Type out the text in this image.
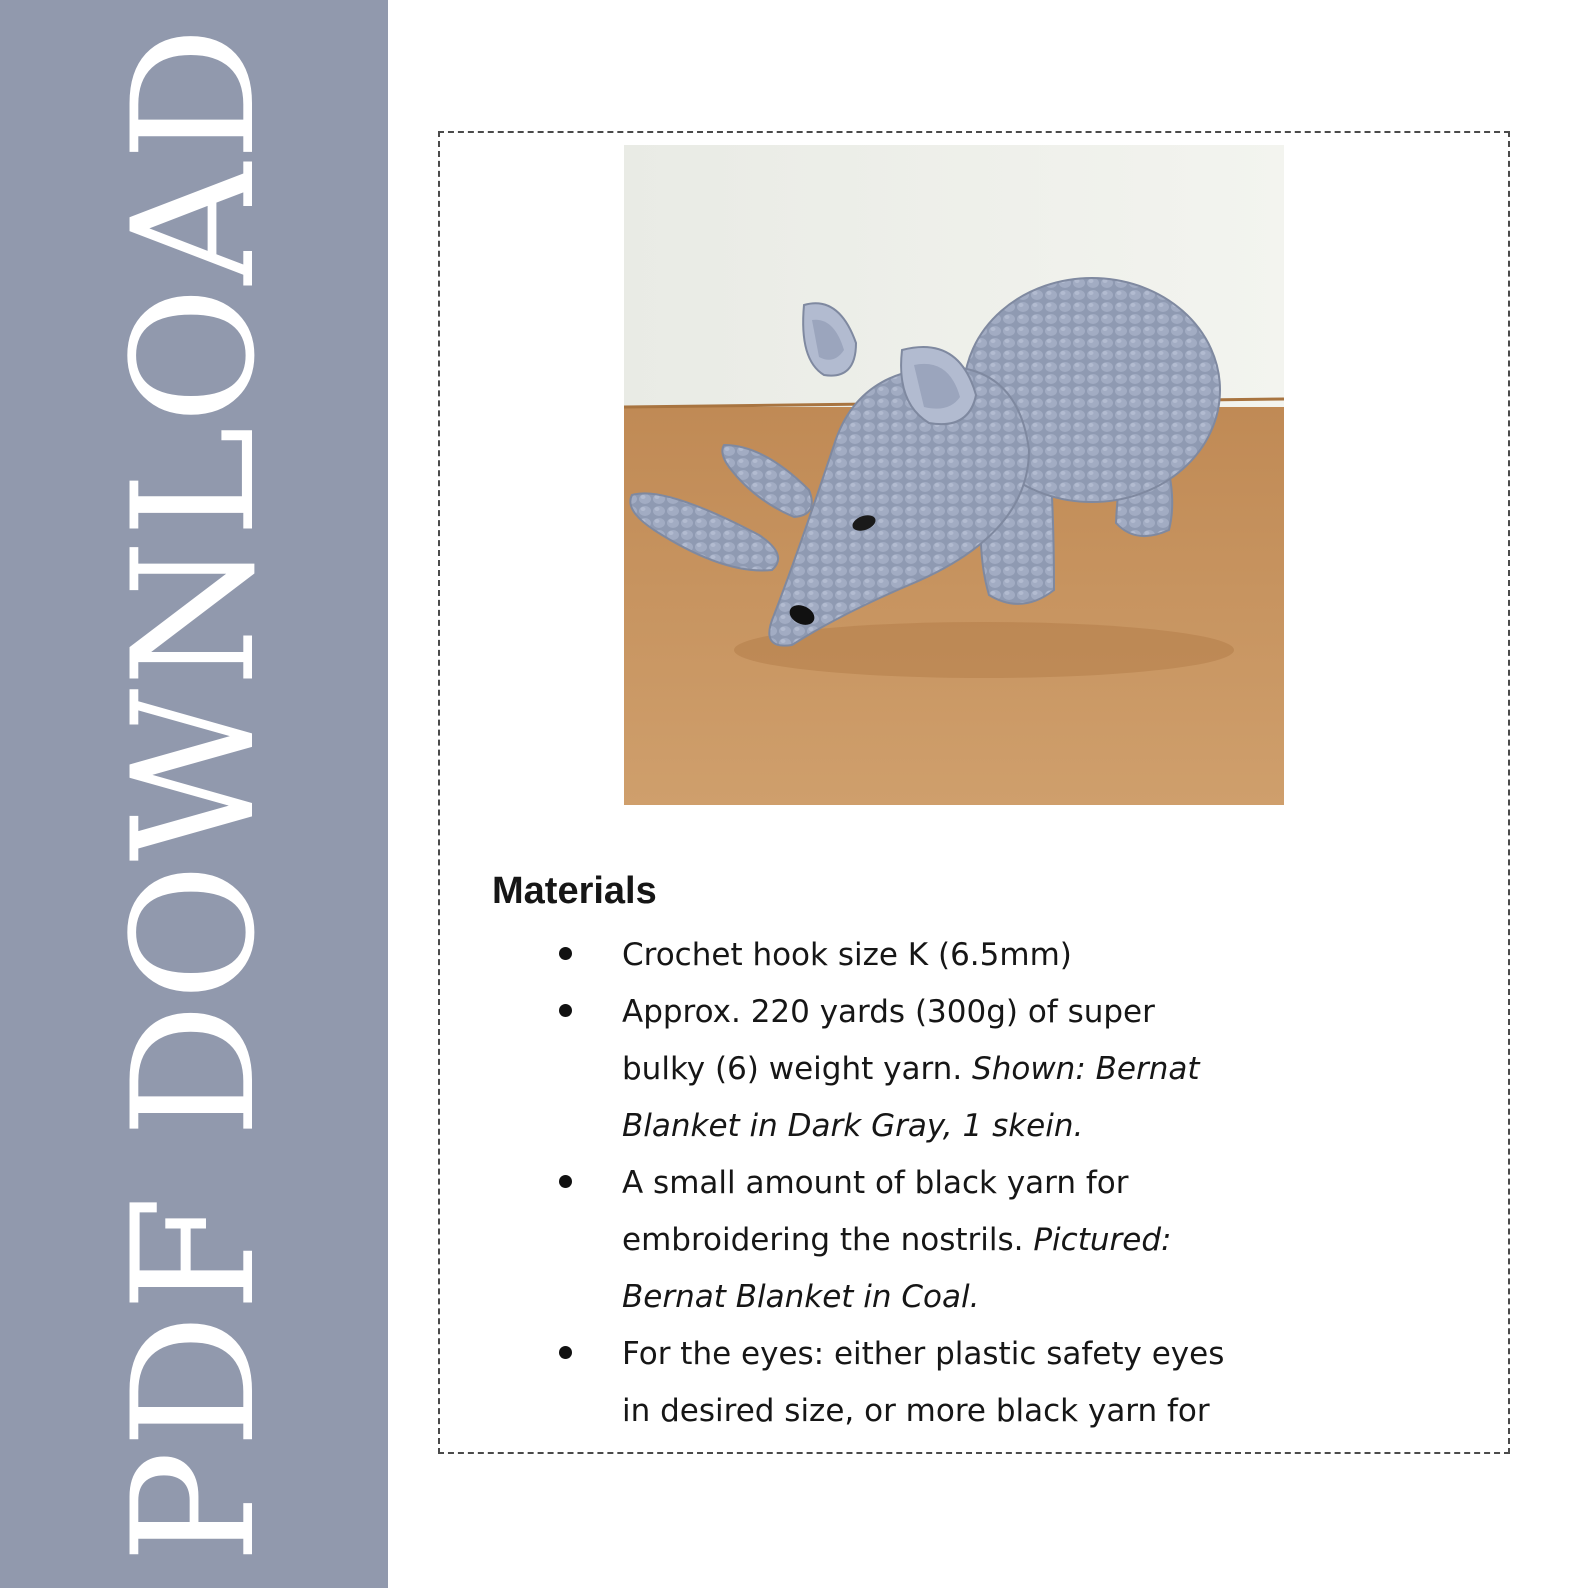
PDF DOWNLOAD	Materials
Crochet hook size K (6.5mm)
Approx. 220 yards (300g) of super bulky (6) weight yarn. Shown: Bernat Blanket in Dark Gray, 1 skein.
A small amount of black yarn for embroidering the nostrils. Pictured: Bernat Blanket in Coal.
For the eyes: either plastic safety eyes in desired size, or more black yarn for
